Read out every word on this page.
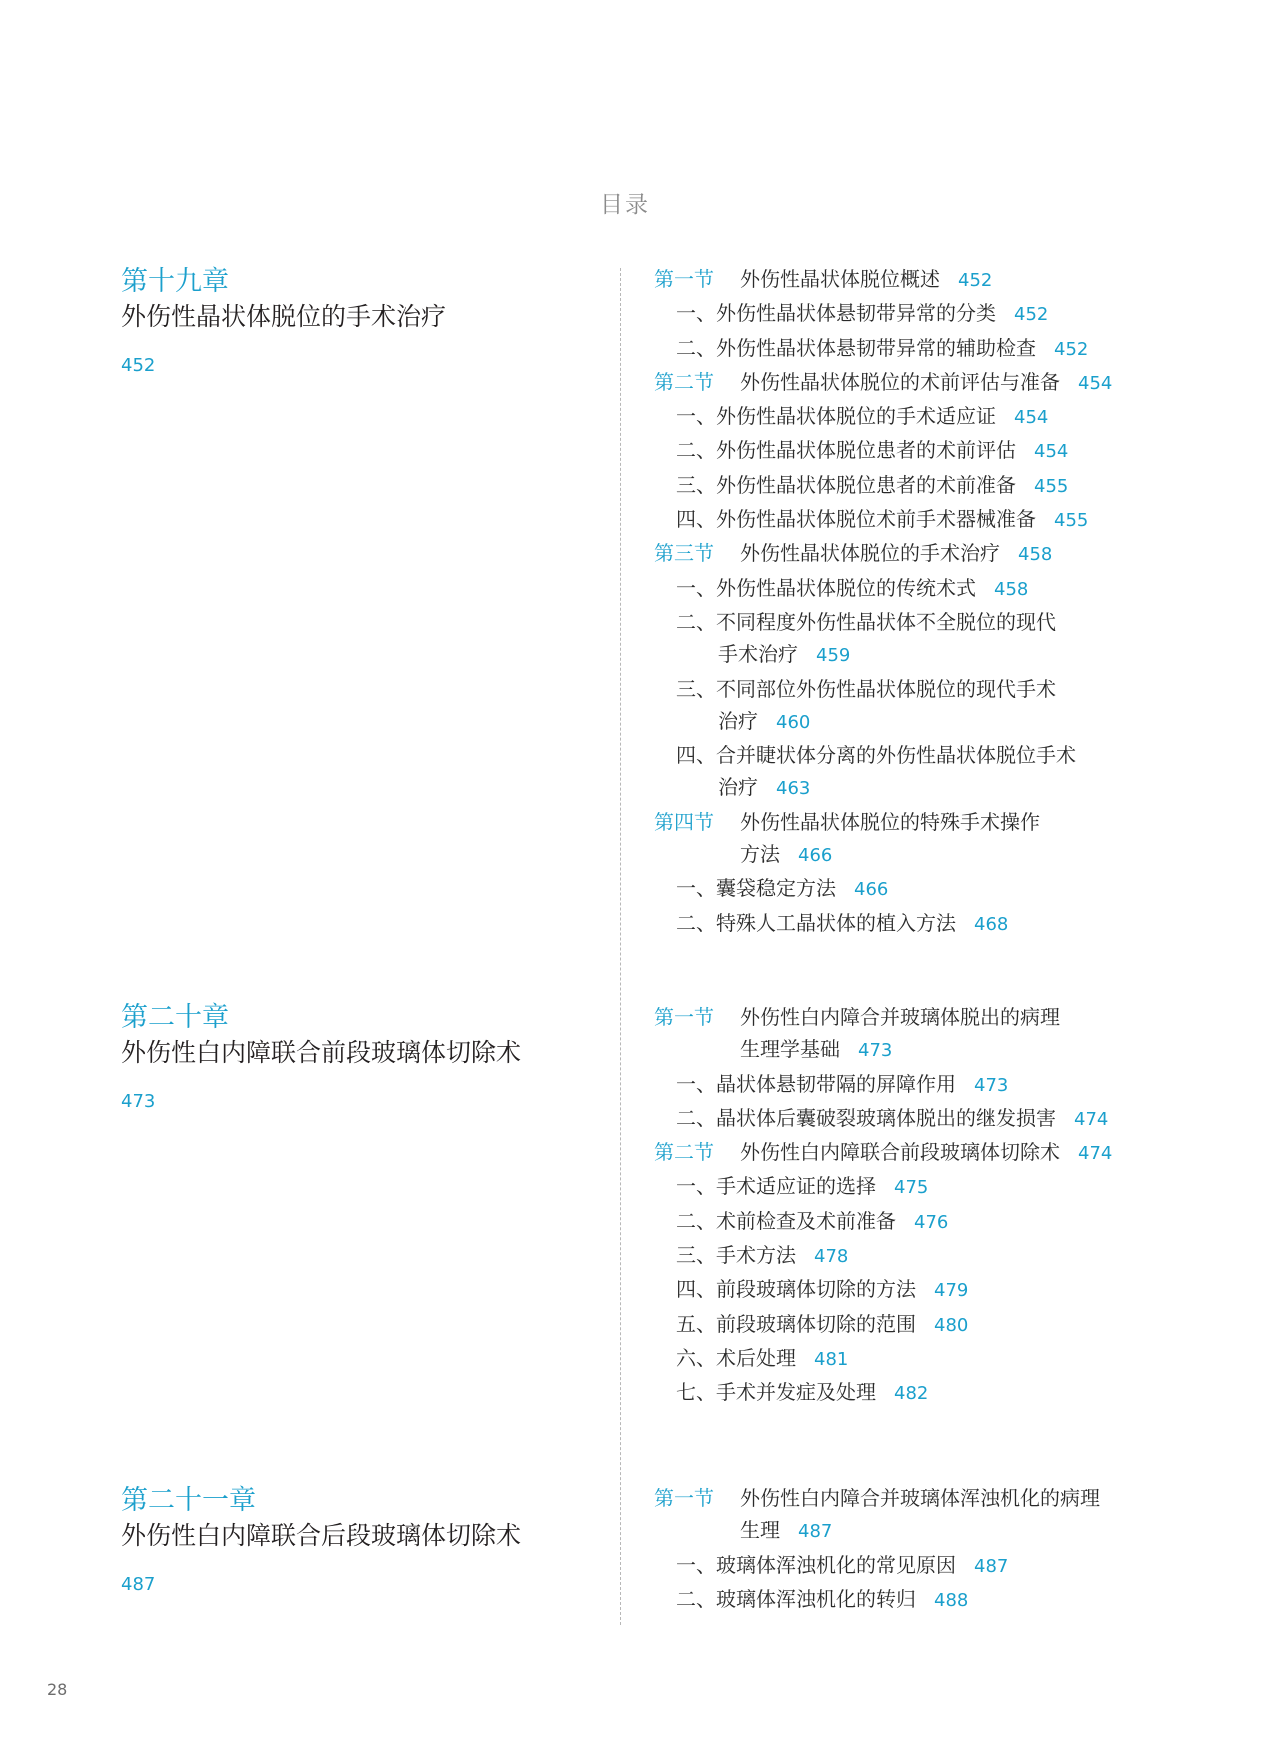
目录
第十九章
外伤性晶状体脱位的手术治疗
452
第一节 外伤性晶状体脱位概述 452
一、外伤性晶状体悬韧带异常的分类 452
二、外伤性晶状体悬韧带异常的辅助检查 452
第二节 外伤性晶状体脱位的术前评估与准备 454
一、外伤性晶状体脱位的手术适应证 454
二、外伤性晶状体脱位患者的术前评估 454
三、外伤性晶状体脱位患者的术前准备 455
四、外伤性晶状体脱位术前手术器械准备 455
第三节 外伤性晶状体脱位的手术治疗 458
一、外伤性晶状体脱位的传统术式 458
二、不同程度外伤性晶状体不全脱位的现代
手术治疗 459
三、不同部位外伤性晶状体脱位的现代手术
治疗 460
四、合并睫状体分离的外伤性晶状体脱位手术
治疗 463
第四节 外伤性晶状体脱位的特殊手术操作
方法 466
一、囊袋稳定方法 466
二、特殊人工晶状体的植入方法 468
第二十章
外伤性白内障联合前段玻璃体切除术
473
第一节 外伤性白内障合并玻璃体脱出的病理
生理学基础 473
一、晶状体悬韧带隔的屏障作用 473
二、晶状体后囊破裂玻璃体脱出的继发损害 474
第二节 外伤性白内障联合前段玻璃体切除术 474
一、手术适应证的选择 475
二、术前检查及术前准备 476
三、手术方法 478
四、前段玻璃体切除的方法 479
五、前段玻璃体切除的范围 480
六、术后处理 481
七、手术并发症及处理 482
第二十一章
外伤性白内障联合后段玻璃体切除术
487
第一节 外伤性白内障合并玻璃体浑浊机化的病理
生理 487
一、玻璃体浑浊机化的常见原因 487
二、玻璃体浑浊机化的转归 488
28
